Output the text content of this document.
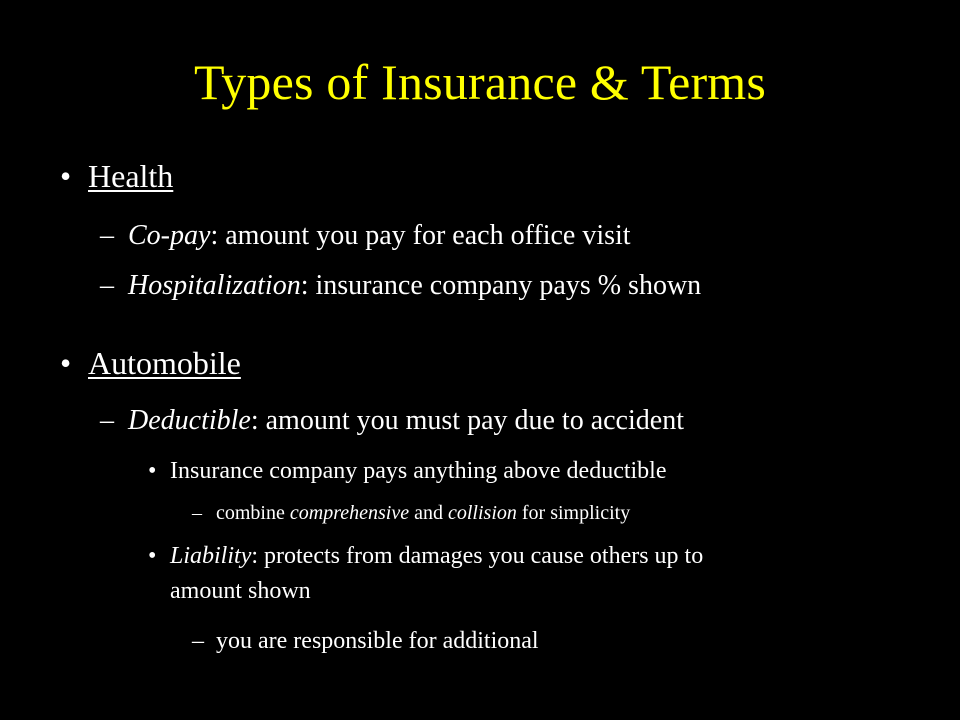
Types of Insurance & Terms
• Health
– Co-pay: amount you pay for each office visit
– Hospitalization: insurance company pays % shown
• Automobile
– Deductible: amount you must pay due to accident
• Insurance company pays anything above deductible
– combine comprehensive and collision for simplicity
• Liability: protects from damages you cause others up to
amount shown
– you are responsible for additional
